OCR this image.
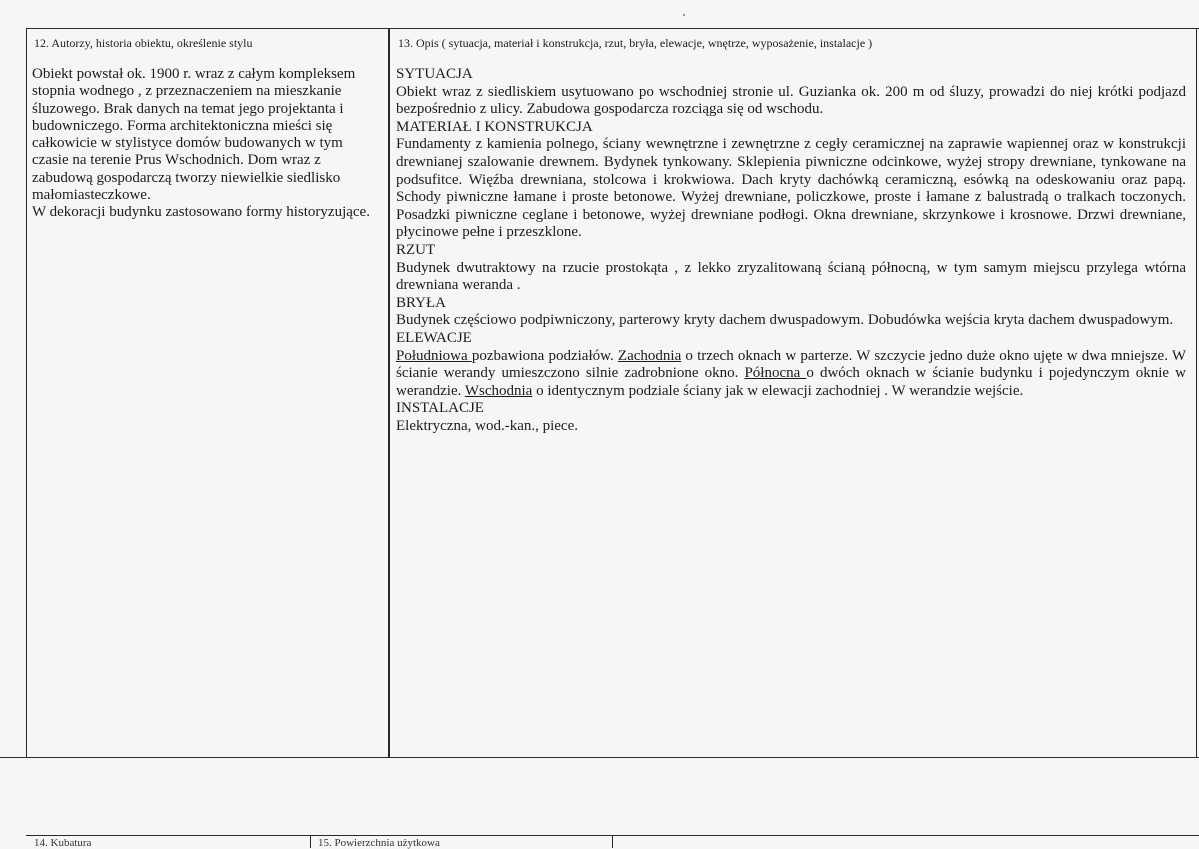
12. Autorzy, historia obiektu, określenie stylu

Obiekt powstał ok. 1900 r. wraz z całym kompleksem stopnia wodnego , z przeznaczeniem na mieszkanie śluzowego. Brak danych na temat jego projektanta i budowniczego. Forma architektoniczna mieści się całkowicie w stylistyce domów budowanych w tym czasie na terenie Prus Wschodnich. Dom wraz z zabudową gospodarczą tworzy niewielkie siedlisko małomiasteczkowe.

W dekoracji budynku zastosowano formy historyzujące.

13. Opis ( sytuacja, materiał i konstrukcja, rzut, bryła, elewacje, wnętrze, wyposażenie, instalacje )
SYTUACJA
Obiekt wraz z siedliskiem usytuowano po wschodniej stronie ul. Guzianka ok. 200 m od śluzy, prowadzi do niej krótki podjazd bezpośrednio z ulicy. Zabudowa gospodarcza rozciąga się od wschodu.
MATERIAŁ I KONSTRUKCJA
Fundamenty z kamienia polnego, ściany wewnętrzne i zewnętrzne z cegły ceramicznej na zaprawie wapiennej oraz w konstrukcji drewnianej szalowanie drewnem. Bydynek tynkowany. Sklepienia piwniczne odcinkowe, wyżej stropy drewniane, tynkowane na podsufitce. Więźba drewniana, stolcowa i krokwiowa. Dach kryty dachówką ceramiczną, esówką na odeskowaniu oraz papą. Schody piwniczne łamane i proste betonowe. Wyżej drewniane, policzkowe, proste i łamane z balustradą o tralkach toczonych. Posadzki piwniczne ceglane i betonowe, wyżej drewniane podłogi. Okna drewniane, skrzynkowe i krosnowe. Drzwi drewniane, płycinowe pełne i przeszklone.
RZUT
Budynek dwutraktowy na rzucie prostokąta , z lekko zryzalitowaną ścianą północną, w tym samym miejscu przylega wtórna drewniana weranda .
BRYŁA
Budynek częściowo podpiwniczony, parterowy kryty dachem dwuspadowym. Dobudówka wejścia kryta dachem dwuspadowym.
ELEWACJE
Południowa pozbawiona podziałów. Zachodnia o trzech oknach w parterze. W szczycie jedno duże okno ujęte w dwa mniejsze. W ścianie werandy umieszczono silnie zadrobnione okno. Północna o dwóch oknach w ścianie budynku i pojedynczym oknie w werandzie. Wschodnia o identycznym podziale ściany jak w elewacji zachodniej . W werandzie wejście.
INSTALACJE
Elektryczna, wod.-kan., piece.
14. Kubatura	15. Powierzchnia użytkowa
